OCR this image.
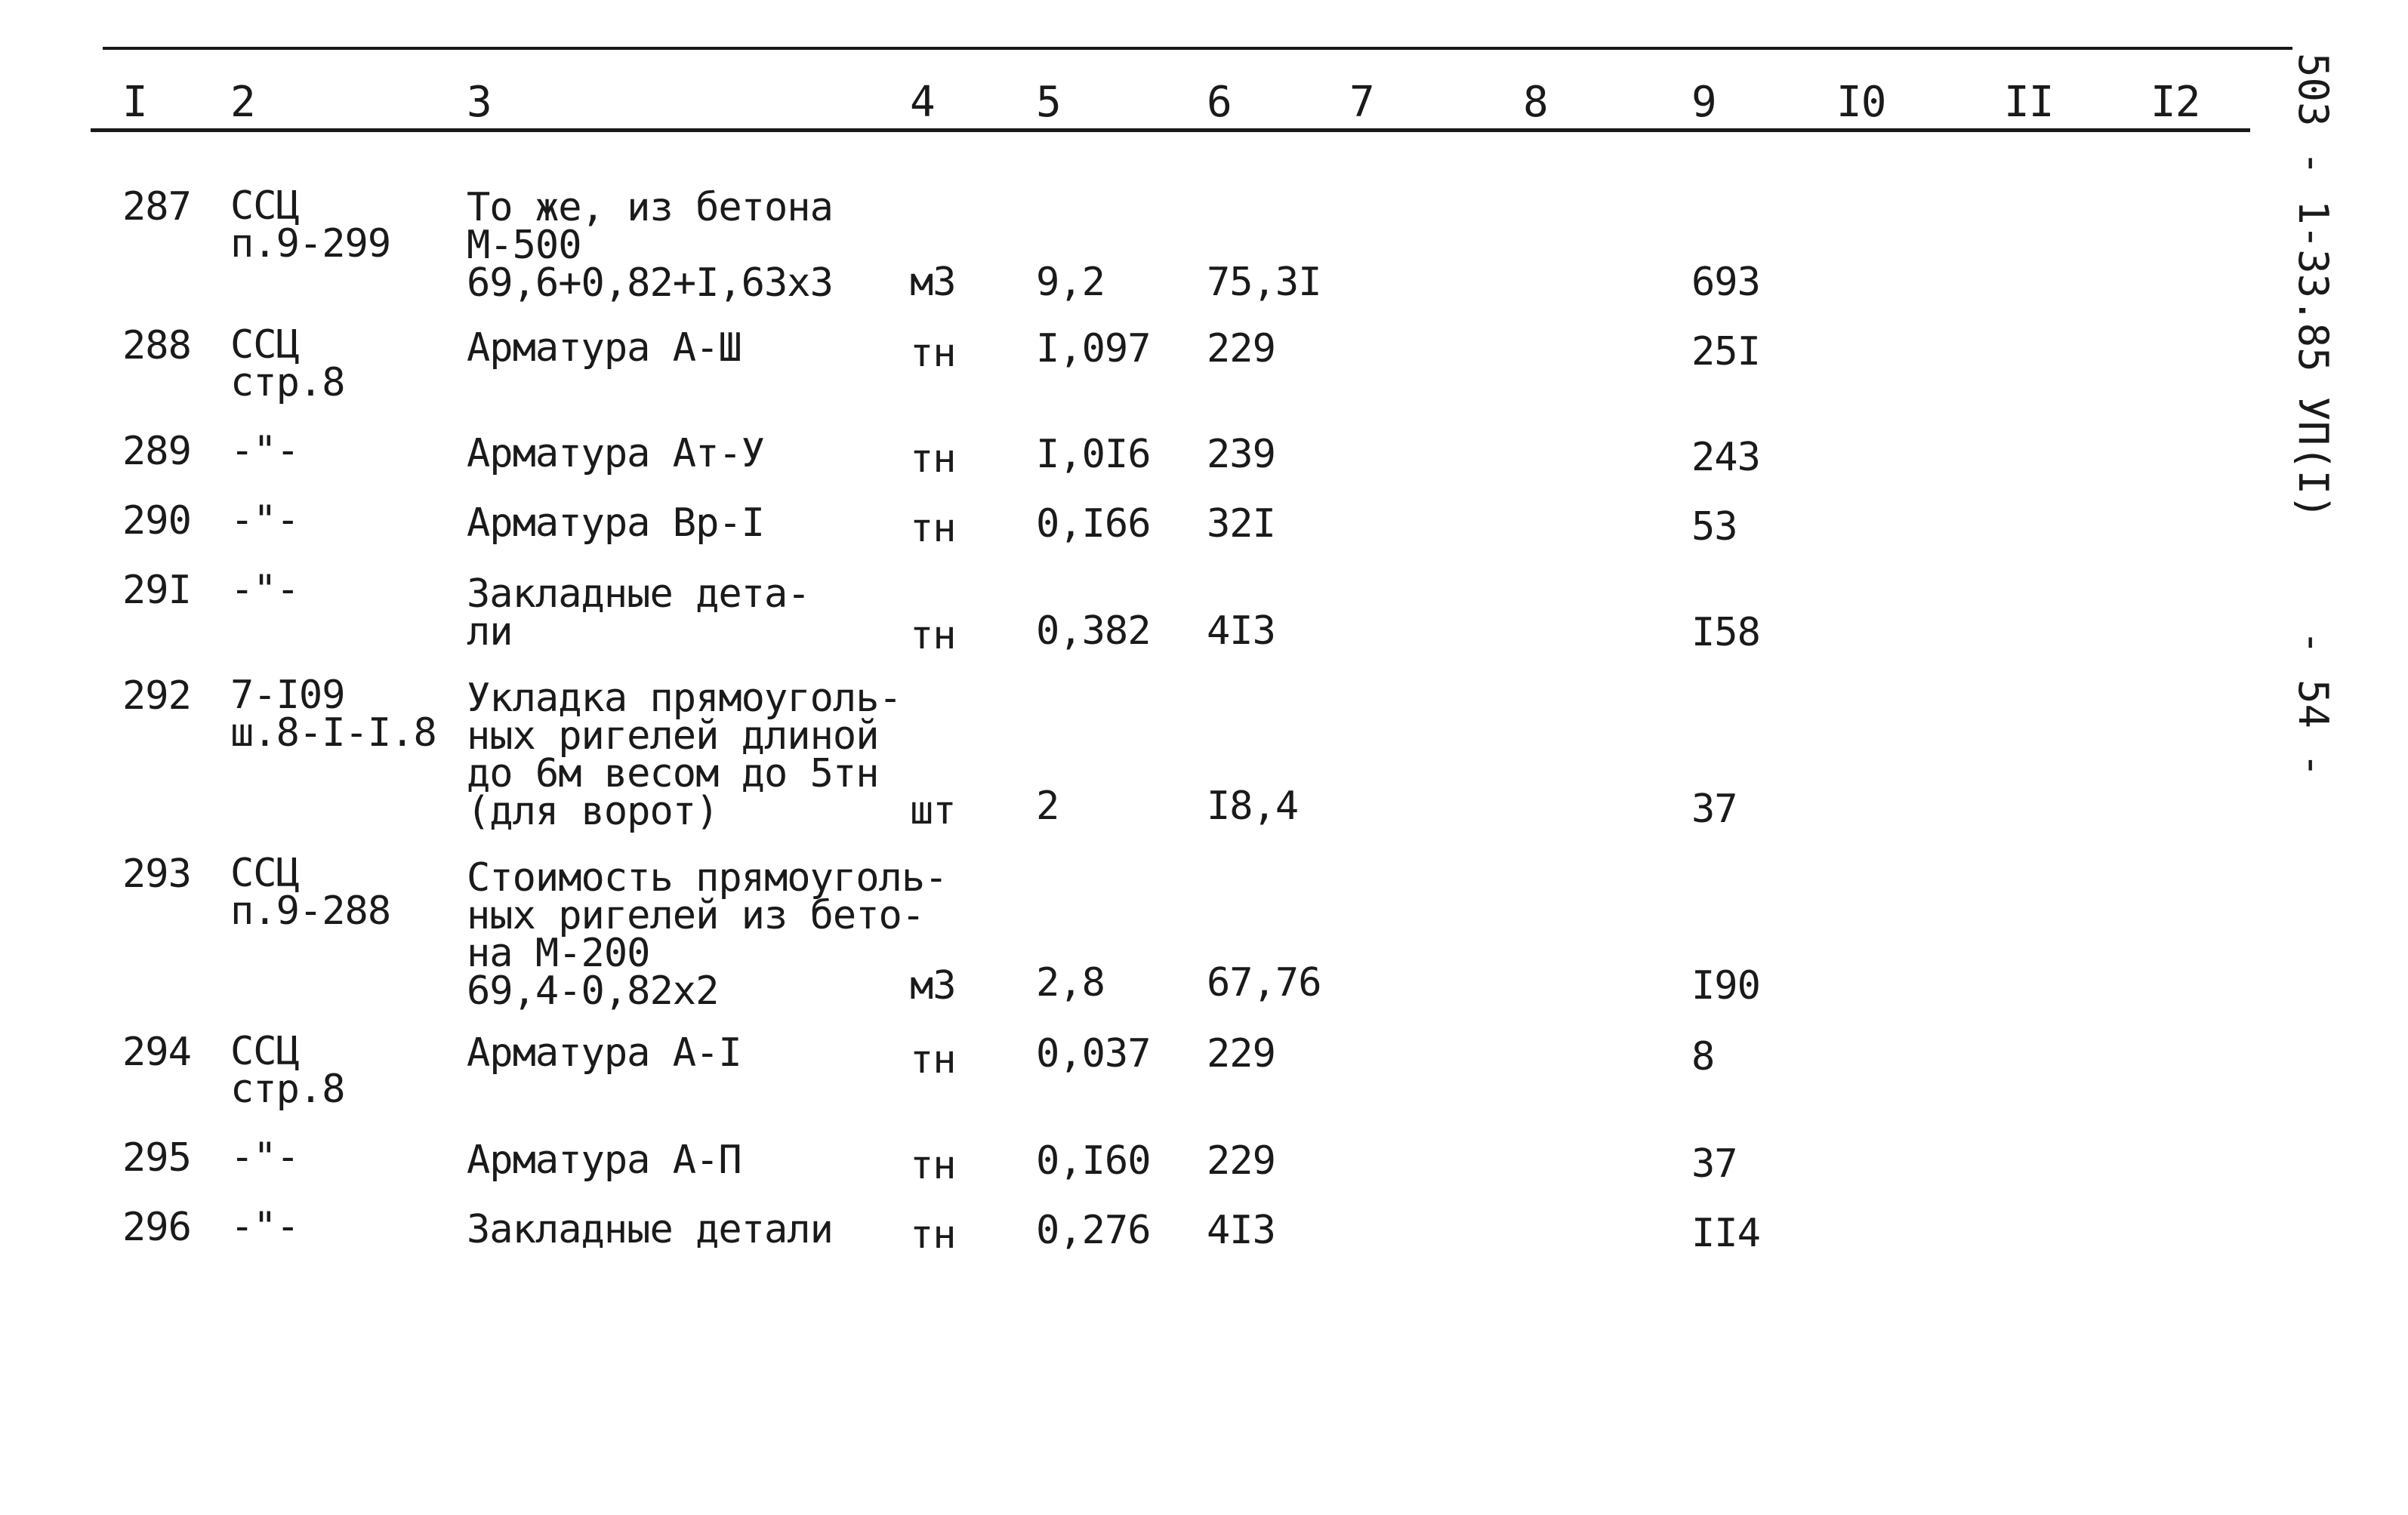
I 2	3	4 5	6	7	8	9	I0	II I2
287 ССЦ
п.9-299
То же, из бетона
М-500
69,6+0,82+I,63x3 м3 9,2	75,3I	693
288 ССЦ
стр.8
Арматура А-Ш	тн I,097 229	25I
289 -"-	Арматура Ат-У	тн I,0I6 239	243
290 -"-	Арматура Вр-I	тн 0,I66 32I	53
29I -"-	Закладные дета-
ли	тн 0,382 4I3	I58
292 7-I09
ш.8-I-I.8
Укладка прямоуголь-
ных ригелей длиной
до 6м весом до 5тн
(для ворот)	шт 2	I8,4	37
293 ССЦ
п.9-288
Стоимость прямоуголь-
ных ригелей из бето-
на М-200
69,4-0,82x2	м3 2,8	67,76	I90
294 ССЦ
стр.8
Арматура А-I	тн 0,037 229	8
295 -"-	Арматура А-П	тн 0,I60 229	37
296 -"-	Закладные детали тн 0,276 4I3	II4
503 - 1-33.85 УП(I)
- 54 -
